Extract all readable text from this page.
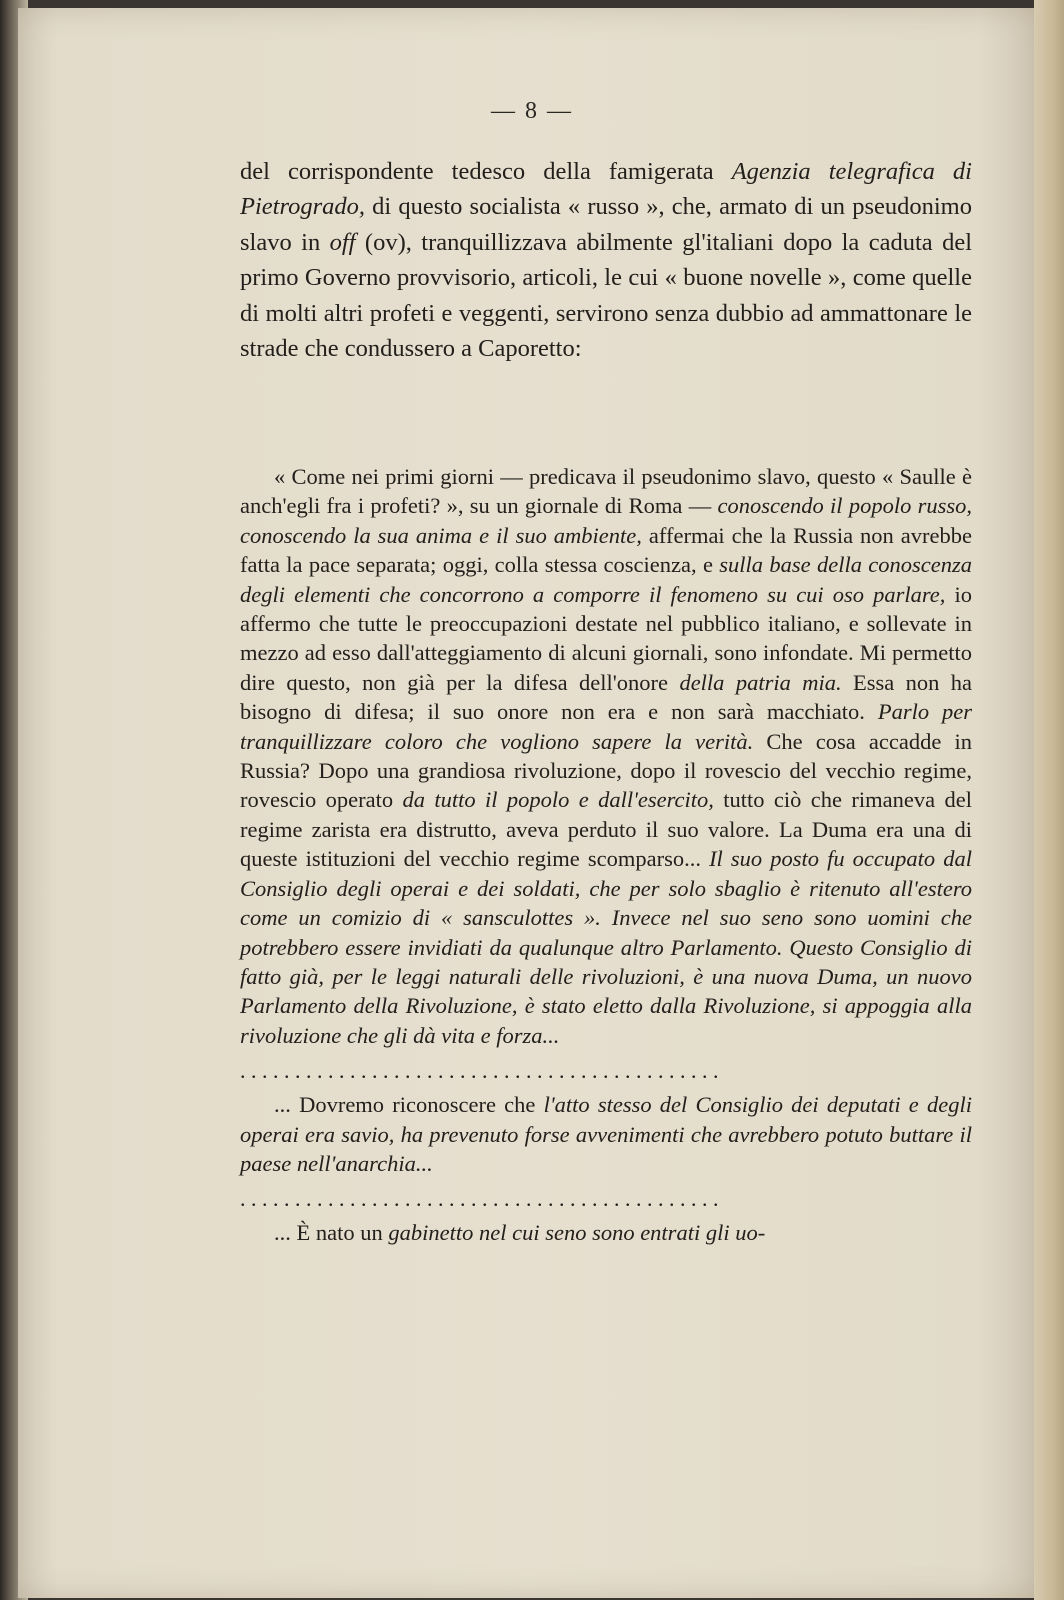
— 8 —

del corrispondente tedesco della famigerata Agenzia telegrafica di Pietrogrado, di questo socialista « russo », che, armato di un pseudonimo slavo in off (ov), tranquillizzava abilmente gl'italiani dopo la caduta del primo Governo provvisorio, articoli, le cui « buone novelle », come quelle di molti altri profeti e veggenti, servirono senza dubbio ad ammattonare le strade che condussero a Caporetto:

« Come nei primi giorni — predicava il pseudonimo slavo, questo « Saulle è anch'egli fra i profeti? », su un giornale di Roma — conoscendo il popolo russo, conoscendo la sua anima e il suo ambiente, affermai che la Russia non avrebbe fatta la pace separata; oggi, colla stessa coscienza, e sulla base della conoscenza degli elementi che concorrono a comporre il fenomeno su cui oso parlare, io affermo che tutte le preoccupazioni destate nel pubblico italiano, e sollevate in mezzo ad esso dall'atteggiamento di alcuni giornali, sono infondate. Mi permetto dire questo, non già per la difesa dell'onore della patria mia. Essa non ha bisogno di difesa; il suo onore non era e non sarà macchiato. Parlo per tranquillizzare coloro che vogliono sapere la verità. Che cosa accadde in Russia? Dopo una grandiosa rivoluzione, dopo il rovescio del vecchio regime, rovescio operato da tutto il popolo e dall'esercito, tutto ciò che rimaneva del regime zarista era distrutto, aveva perduto il suo valore. La Duma era una di queste istituzioni del vecchio regime scomparso... Il suo posto fu occupato dal Consiglio degli operai e dei soldati, che per solo sbaglio è ritenuto all'estero come un comizio di « sansculottes ». Invece nel suo seno sono uomini che potrebbero essere invidiati da qualunque altro Parlamento. Questo Consiglio di fatto già, per le leggi naturali delle rivoluzioni, è una nuova Duma, un nuovo Parlamento della Rivoluzione, è stato eletto dalla Rivoluzione, si appoggia alla rivoluzione che gli dà vita e forza...

. . . . . . . . . . . . . . . . . . . . . . . . . . . . . . . . . . . . . . . . . . . .

... Dovremo riconoscere che l'atto stesso del Consiglio dei deputati e degli operai era savio, ha prevenuto forse avvenimenti che avrebbero potuto buttare il paese nell'anarchia...

. . . . . . . . . . . . . . . . . . . . . . . . . . . . . . . . . . . . . . . . . . . .

... È nato un gabinetto nel cui seno sono entrati gli uo-
